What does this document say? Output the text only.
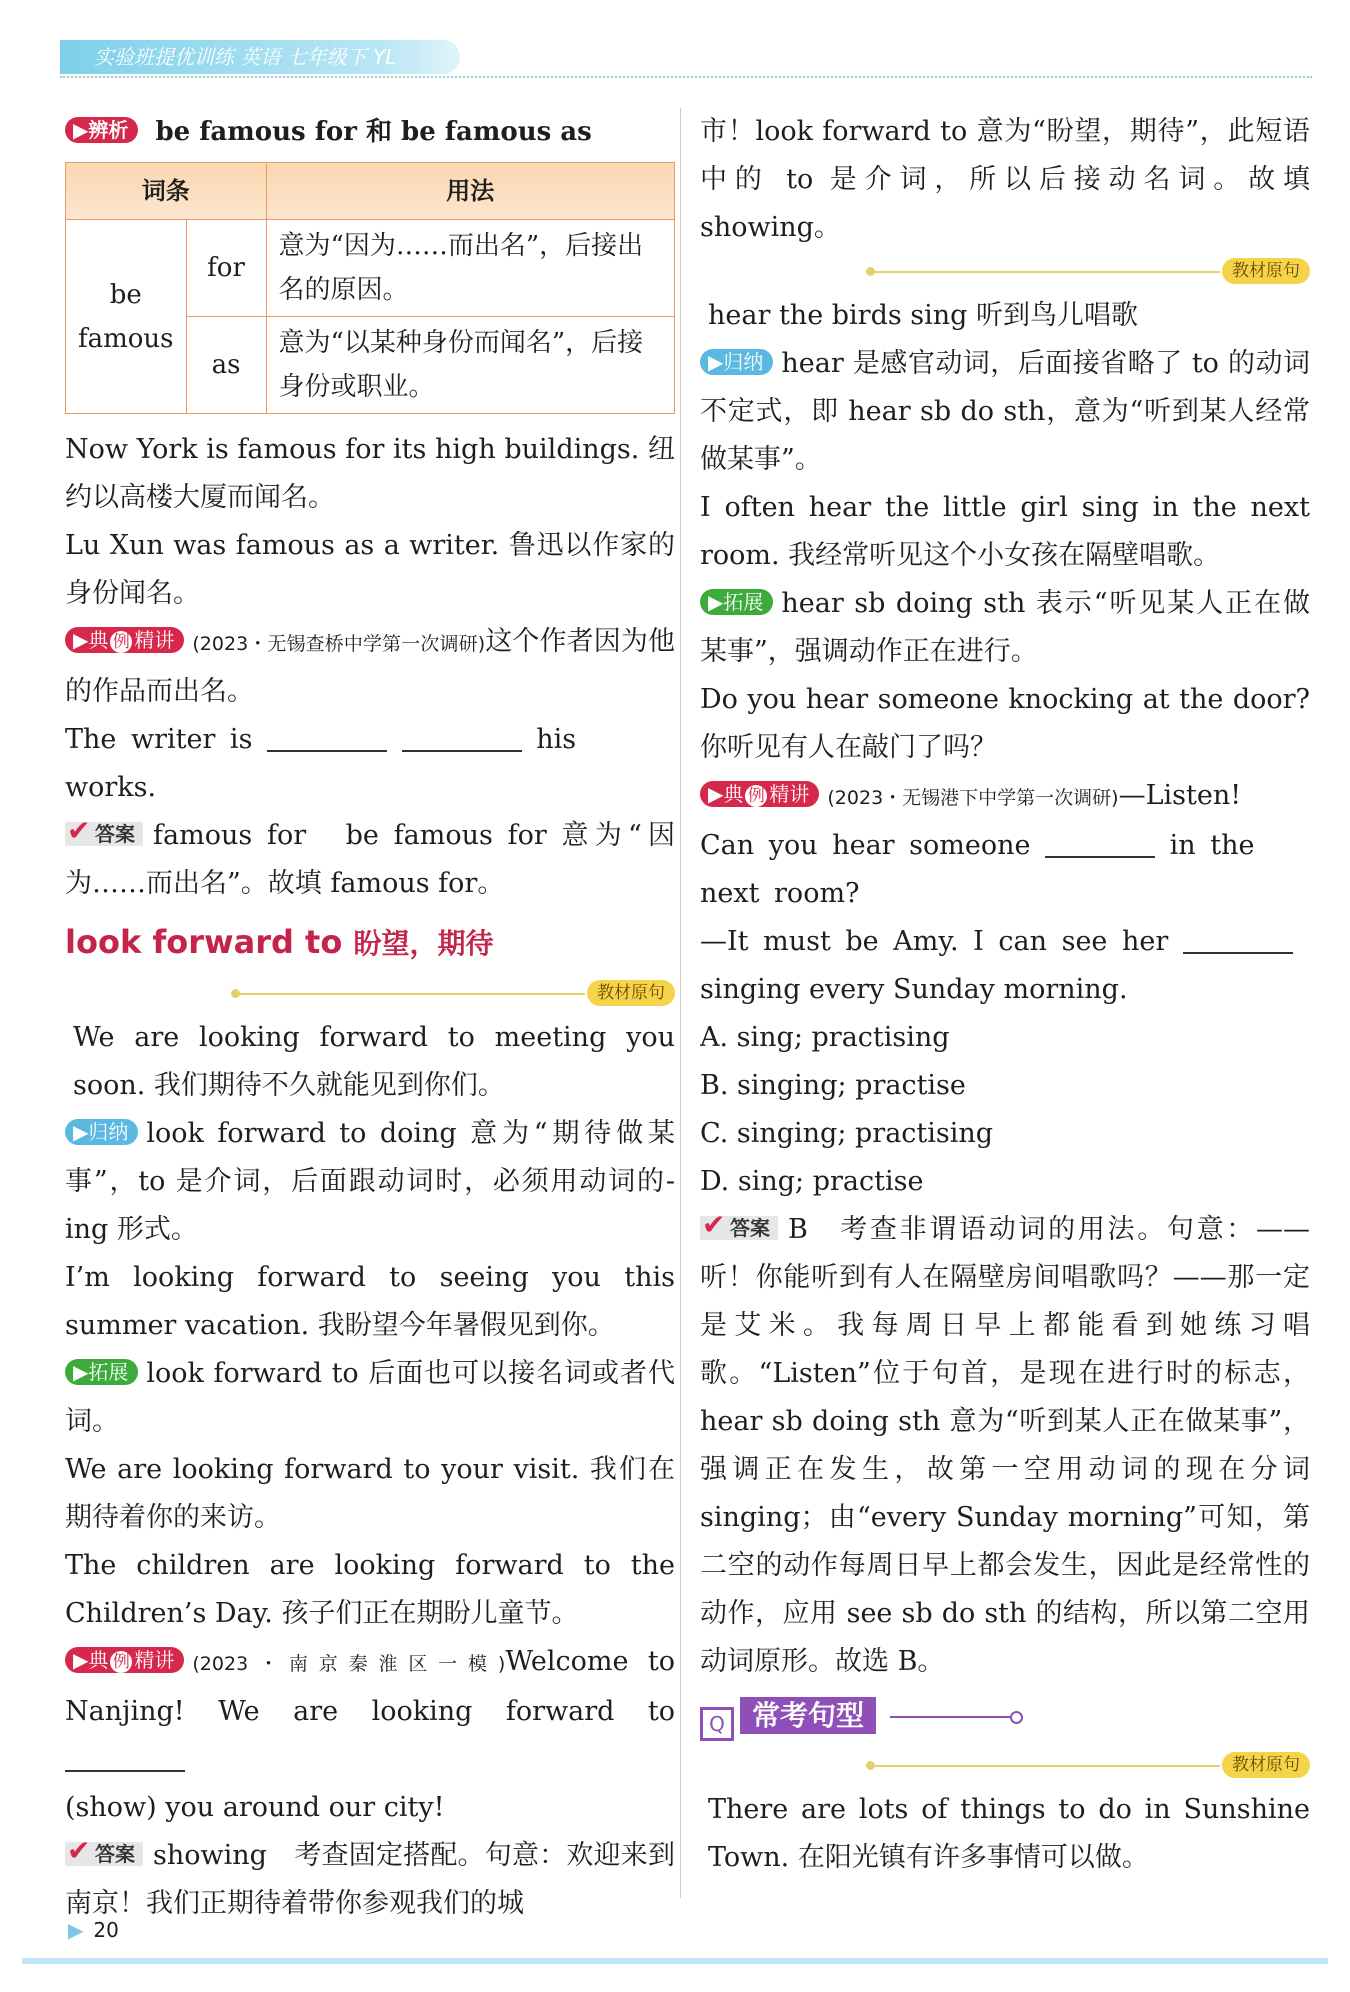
实验班提优训练 英语 七年级下 YL

▶辨析 be famous for 和 be famous as

词条		用法
be famous	for	意为“因为……而出名”，后接出名的原因。
	as	意为“以某种身份而闻名”，后接身份或职业。

Now York is famous for its high buildings. 纽约以高楼大厦而闻名。

Lu Xun was famous as a writer. 鲁迅以作家的身份闻名。

▶典 例 精讲 (2023・无锡查桥中学第一次调研)这个作者因为他的作品而出名。

The writer is	his works.

✔ 答案 famous for　be famous for 意为“因为……而出名”。故填 famous for。

look forward to 盼望，期待

教材原句

We are looking forward to meeting you soon. 我们期待不久就能见到你们。

▶归纳 look forward to doing 意为“期待做某事”，to 是介词，后面跟动词时，必须用动词的-ing 形式。

I’m looking forward to seeing you this summer vacation. 我盼望今年暑假见到你。

▶拓展 look forward to 后面也可以接名词或者代词。

We are looking forward to your visit. 我们在期待着你的来访。

The children are looking forward to the Children’s Day. 孩子们正在期盼儿童节。

▶典 例 精讲 (2023・南京秦淮区一模)Welcome to Nanjing! We are looking forward to

(show) you around our city!

✔ 答案 showing　考查固定搭配。句意：欢迎来到南京！我们正期待着带你参观我们的城

市！look forward to 意为“盼望，期待”，此短语中的 to 是介词，所以后接动名词。故填 showing。

教材原句

hear the birds sing 听到鸟儿唱歌

▶归纳 hear 是感官动词，后面接省略了 to 的动词不定式，即 hear sb do sth，意为“听到某人经常做某事”。

I often hear the little girl sing in the next room. 我经常听见这个小女孩在隔壁唱歌。

▶拓展 hear sb doing sth 表示“听见某人正在做某事”，强调动作正在进行。

Do you hear someone knocking at the door? 你听见有人在敲门了吗？

▶典 例 精讲 (2023・无锡港下中学第一次调研)—Listen!

Can you hear someone	in the next room?

—It must be Amy. I can see her

singing every Sunday morning.

A. sing; practising

B. singing; practise

C. singing; practising

D. sing; practise

✔ 答案 B　考查非谓语动词的用法。句意：——听！你能听到有人在隔壁房间唱歌吗？——那一定是艾米。我每周日早上都能看到她练习唱歌。“Listen”位于句首，是现在进行时的标志，hear sb doing sth 意为“听到某人正在做某事”，强调正在发生，故第一空用动词的现在分词 singing；由“every Sunday morning”可知，第二空的动作每周日早上都会发生，因此是经常性的动作，应用 see sb do sth 的结构，所以第二空用动词原形。故选 B。

Q 常考句型
教材原句

There are lots of things to do in Sunshine Town. 在阳光镇有许多事情可以做。

▶ 20
